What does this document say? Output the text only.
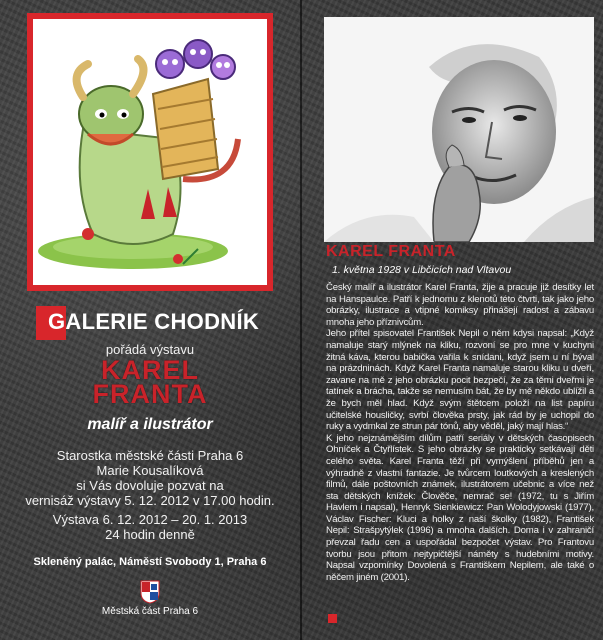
GALERIE CHODNÍK
pořádá výstavu
KAREL
FRANTA
malíř a ilustrátor
Starostka městské části Praha 6
Marie Kousalíková
si Vás dovoluje pozvat na
vernisáž výstavy 5. 12. 2012 v 17.00 hodin.
Výstava 6. 12. 2012 – 20. 1. 2013
24 hodin denně
Skleněný palác, Náměstí Svobody 1, Praha 6
Městská část Praha 6
KAREL FRANTA
1. května 1928 v Libčicích nad Vltavou

Český malíř a ilustrátor Karel Franta, žije a pracuje již desítky let na Hanspaulce. Patří k jednomu z klenotů této čtvrti, tak jako jeho obrázky, ilustrace a vtipné komiksy přinášejí radost a zábavu mnoha jeho příznivcům.

Jeho přítel spisovatel František Nepil o něm kdysi napsal: „Když namaluje starý mlýnek na kliku, rozvoní se pro mne v kuchyni žitná káva, kterou babička vařila k snídani, když jsem u ní býval na prázdninách. Když Karel Franta namaluje starou kliku u dveří, zavane na mě z jeho obrázku pocit bezpečí, že za těmi dveřmi je tatínek a brácha, takže se nemusím bát, že by mě někdo ublížil a že bych měl hlad. Když svým štětcem položí na list papíru učitelské housličky, svrbí člověka prsty, jak rád by je uchopil do ruky a vydmkal ze strun pár tónů, aby věděl, jaký mají hlas.“

K jeho nejznámějším dílům patří seriály v dětských časopisech Ohníček a Čtyřlístek. S jeho obrázky se prakticky setkávají děti celého světa. Karel Franta těží při vymýšlení příběhů jen a výhradně z vlastní fantazie. Je tvůrcem loutkových a kreslených filmů, dále poštovních známek, ilustrátorem učebnic a více než sta dětských knížek: Člověče, nemrač se! (1972, tu s Jiřím Havlem i napsal), Henryk Sienkiewicz: Pan Wolodyjowski (1977), Václav Fischer: Kluci a holky z naší školky (1982), František Nepil: Strašpytýlek (1996) a mnoha dalších. Doma i v zahraničí převzal řadu cen a uspořádal bezpočet výstav. Pro Frantovu tvorbu jsou přitom nejtypičtější náměty s hudebními motivy. Napsal vzpomínky Dovolená s Františkem Nepilem, ale také o něčem jiném (2001).
